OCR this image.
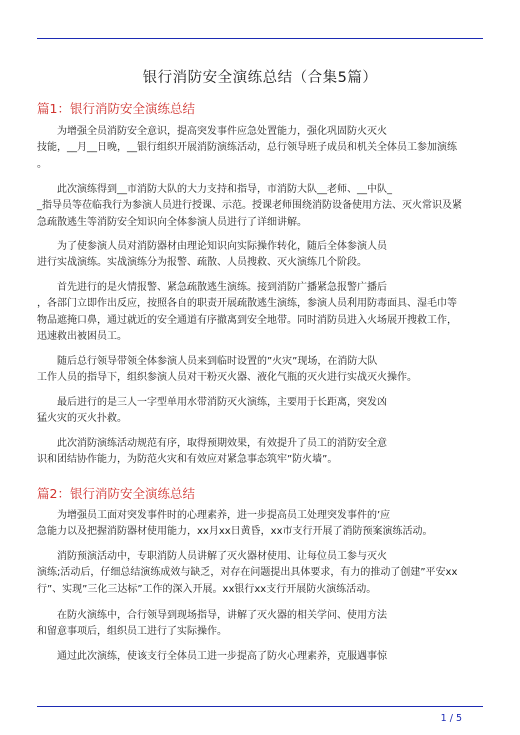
银行消防安全演练总结（合集5篇）
篇1：银行消防安全演练总结
　　为增强全员消防安全意识，提高突发事件应急处置能力，强化巩固防火灭火
技能，__月__日晚，__银行组织开展消防演练活动，总行领导班子成员和机关全体员工参加演练
。
　　此次演练得到__市消防大队的大力支持和指导，市消防大队__老师、__中队_
_指导员等莅临我行为参演人员进行授课、示范。授课老师围绕消防设备使用方法、灭火常识及紧
急疏散逃生等消防安全知识向全体参演人员进行了详细讲解。
　　为了使参演人员对消防器材由理论知识向实际操作转化，随后全体参演人员
进行实战演练。实战演练分为报警、疏散、人员搜救、灭火演练几个阶段。
　　首先进行的是火情报警、紧急疏散逃生演练。接到消防广播紧急报警广播后
，各部门立即作出反应，按照各自的职责开展疏散逃生演练，参演人员利用防毒面具、湿毛巾等
物品遮掩口鼻，通过就近的安全通道有序撤离到安全地带。同时消防员进入火场展开搜救工作，
迅速救出被困员工。
　　随后总行领导带领全体参演人员来到临时设置的”火灾”现场，在消防大队
工作人员的指导下，组织参演人员对干粉灭火器、液化气瓶的灭火进行实战灭火操作。
　　最后进行的是三人一字型单用水带消防灭火演练，主要用于长距离，突发凶
猛火灾的灭火扑救。
　　此次消防演练活动规范有序，取得预期效果，有效提升了员工的消防安全意
识和团结协作能力，为防范火灾和有效应对紧急事态筑牢”防火墙”。
篇2：银行消防安全演练总结
　　为增强员工面对突发事件时的心理素养，进一步提高员工处理突发事件的’应
急能力以及把握消防器材使用能力，xx月xx日黄昏，xx市支行开展了消防预案演练活动。
　　消防预演活动中，专职消防人员讲解了灭火器材使用、让每位员工参与灭火
演练;活动后，仔细总结演练成效与缺乏，对存在问题提出具体要求，有力的推动了创建”平安xx
行”、实现”三化三达标”工作的深入开展。xx银行xx支行开展防火演练活动。
　　在防火演练中，合行领导到现场指导，讲解了灭火器的相关学问、使用方法
和留意事项后，组织员工进行了实际操作。
　　通过此次演练，使该支行全体员工进一步提高了防火心理素养，克服遇事惊
1 / 5
